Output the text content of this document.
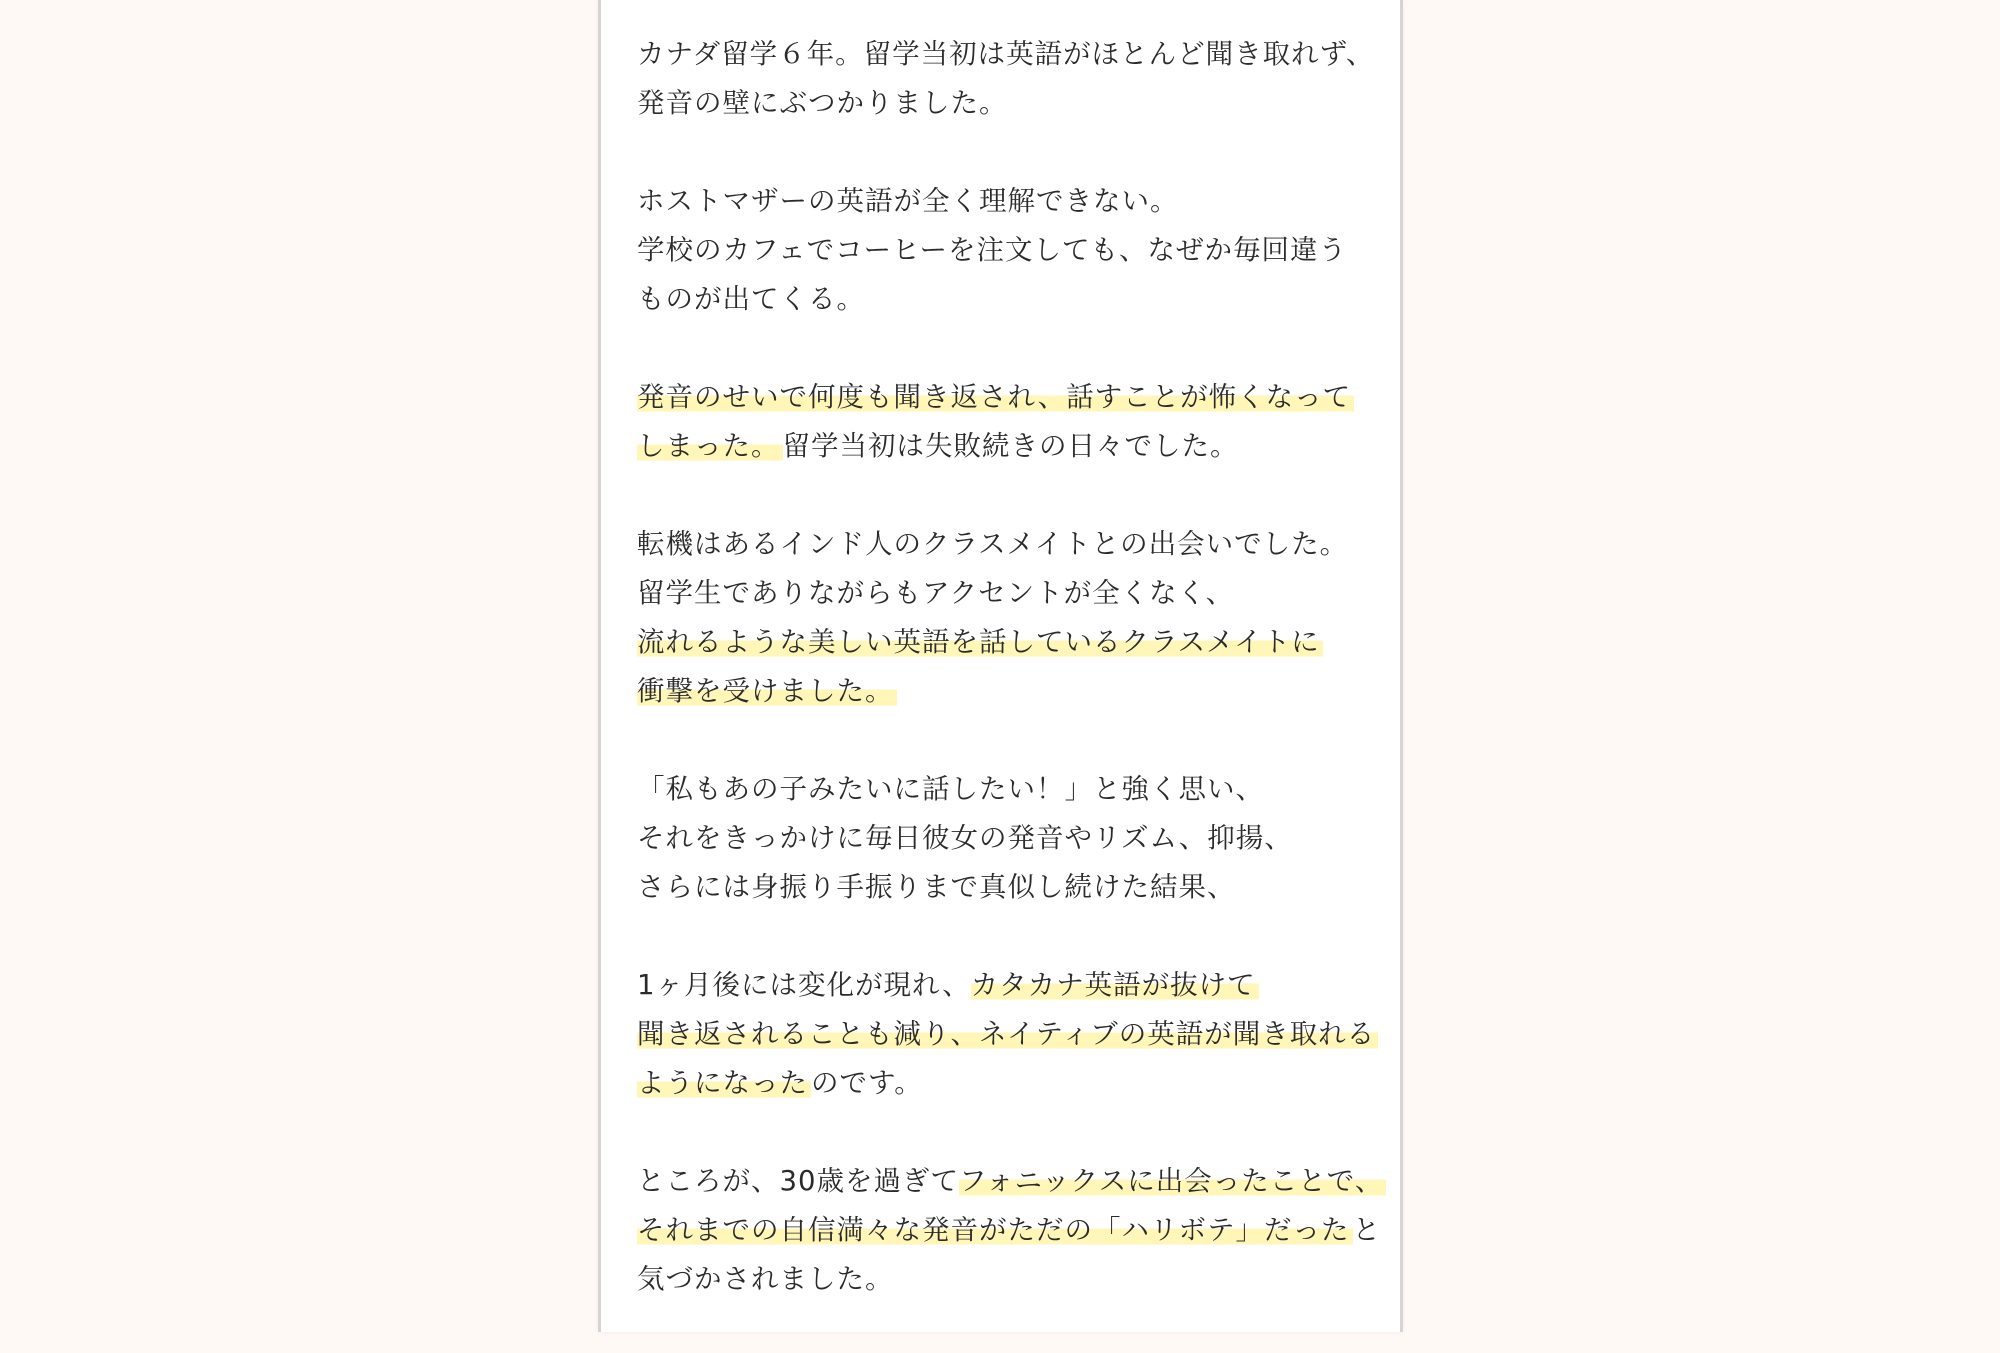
カナダ留学６年。留学当初は英語がほとんど聞き取れず、
発音の壁にぶつかりました。
ホストマザーの英語が全く理解できない。
学校のカフェでコーヒーを注文しても、なぜか毎回違う
ものが出てくる。
発音のせいで何度も聞き返され、話すことが怖くなって
しまった。 留学当初は失敗続きの日々でした。
転機はあるインド人のクラスメイトとの出会いでした。
留学生でありながらもアクセントが全くなく、
流れるような美しい英語を話しているクラスメイトに
衝撃を受けました。
「私もあの子みたいに話したい！」と強く思い、
それをきっかけに毎日彼女の発音やリズム、抑揚、
さらには身振り手振りまで真似し続けた結果、
1ヶ月後には変化が現れ、カタカナ英語が抜けて
聞き返されることも減り、ネイティブの英語が聞き取れる
ようになった のです。
ところが、30歳を過ぎてフォニックスに出会ったことで、
それまでの自信満々な発音がただの「ハリボテ」だった と
気づかされました。
